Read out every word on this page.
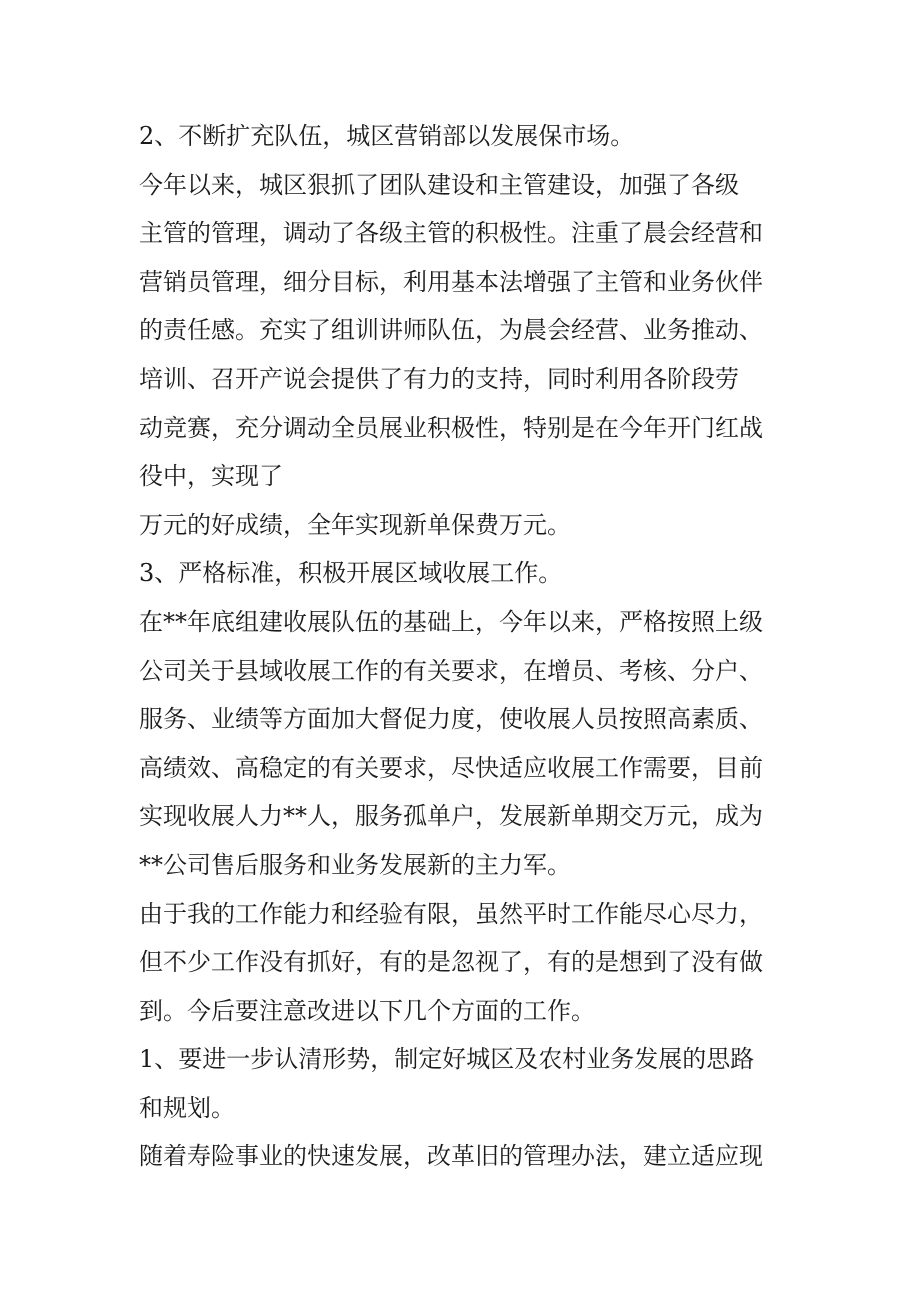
2、不断扩充队伍，城区营销部以发展保市场。

今年以来，城区狠抓了团队建设和主管建设，加强了各级

主管的管理，调动了各级主管的积极性。注重了晨会经营和

营销员管理，细分目标，利用基本法增强了主管和业务伙伴

的责任感。充实了组训讲师队伍，为晨会经营、业务推动、

培训、召开产说会提供了有力的支持，同时利用各阶段劳

动竞赛，充分调动全员展业积极性，特别是在今年开门红战

役中，实现了

万元的好成绩，全年实现新单保费万元。

3、严格标准，积极开展区域收展工作。

在**年底组建收展队伍的基础上，今年以来，严格按照上级

公司关于县域收展工作的有关要求，在增员、考核、分户、

服务、业绩等方面加大督促力度，使收展人员按照高素质、

高绩效、高稳定的有关要求，尽快适应收展工作需要，目前

实现收展人力**人，服务孤单户，发展新单期交万元，成为

**公司售后服务和业务发展新的主力军。

由于我的工作能力和经验有限，虽然平时工作能尽心尽力，

但不少工作没有抓好，有的是忽视了，有的是想到了没有做

到。今后要注意改进以下几个方面的工作。

1、要进一步认清形势，制定好城区及农村业务发展的思路

和规划。

随着寿险事业的快速发展，改革旧的管理办法，建立适应现
